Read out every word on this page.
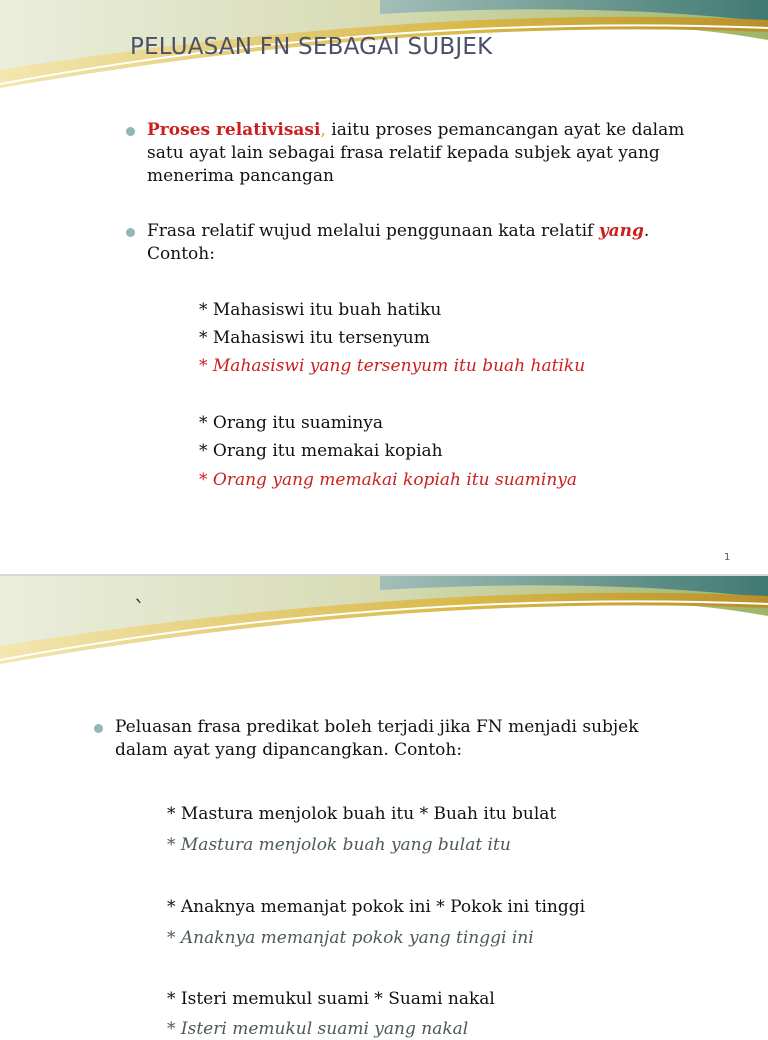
PELUASAN FN SEBAGAI SUBJEK
Proses relativisasi, iaitu proses pemancangan ayat ke dalam
satu ayat lain sebagai frasa relatif kepada subjek ayat yang
menerima pancangan
Frasa relatif wujud melalui penggunaan kata relatif yang.
Contoh:
* Mahasiswi itu buah hatiku
* Mahasiswi itu tersenyum
* Mahasiswi yang tersenyum itu buah hatiku
* Orang itu suaminya
* Orang itu memakai kopiah
* Orang yang memakai kopiah itu suaminya
1
`
Peluasan frasa predikat boleh terjadi jika FN menjadi subjek
dalam ayat yang dipancangkan. Contoh:
* Mastura menjolok buah itu * Buah itu bulat
* Mastura menjolok buah yang bulat itu
* Anaknya memanjat pokok ini * Pokok ini tinggi
* Anaknya memanjat pokok yang tinggi ini
* Isteri memukul suami * Suami nakal
* Isteri memukul suami yang nakal
